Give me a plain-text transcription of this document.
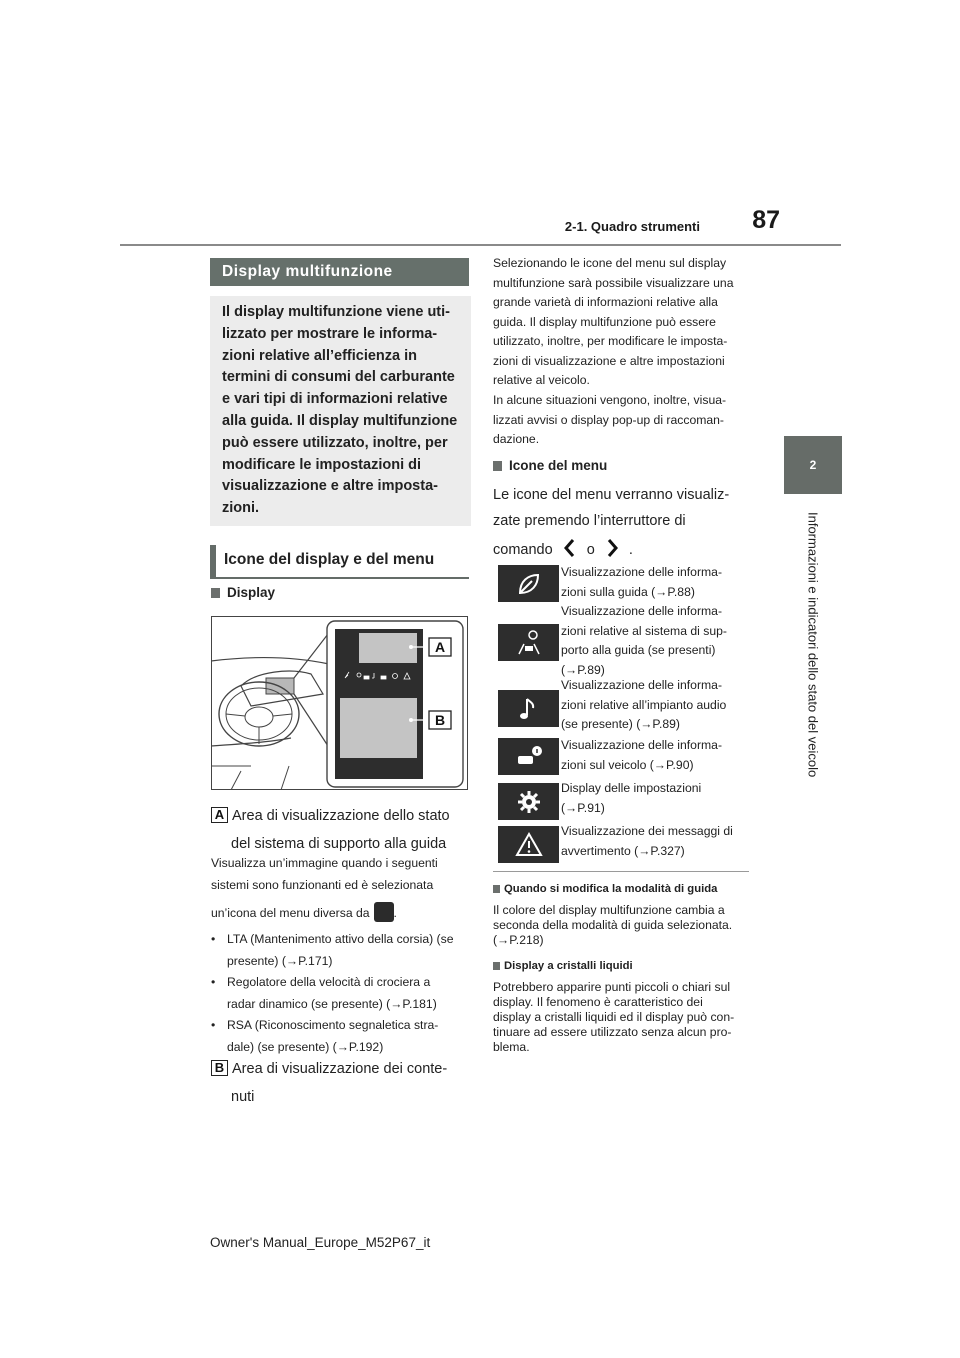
87
2-1. Quadro strumenti
2
Informazioni e indicatori dello stato del veicolo
Display multifunzione
Il display multifunzione viene uti-
lizzato per mostrare le informa-
zioni relative all’efficienza in
termini di consumi del carburante
e vari tipi di informazioni relative
alla guida. Il display multifunzione
può essere utilizzato, inoltre, per
modificare le impostazioni di
visualizzazione e altre imposta-
zioni.
Icone del display e del menu
Display
A
B
A Area di visualizzazione dello stato
del sistema di supporto alla guida
Visualizza un’immagine quando i seguenti
sistemi sono funzionanti ed è selezionata
un’icona del menu diversa da .
• LTA (Mantenimento attivo della corsia) (se
presente) (→P.171)
• Regolatore della velocità di crociera a
radar dinamico (se presente) (→P.181)
• RSA (Riconoscimento segnaletica stra-
dale) (se presente) (→P.192)
B Area di visualizzazione dei conte-
nuti
Selezionando le icone del menu sul display
multifunzione sarà possibile visualizzare una
grande varietà di informazioni relative alla
guida. Il display multifunzione può essere
utilizzato, inoltre, per modificare le imposta-
zioni di visualizzazione e altre impostazioni
relative al veicolo.
In alcune situazioni vengono, inoltre, visua-
lizzati avvisi o display pop-up di raccoman-
dazione.
Icone del menu
Le icone del menu verranno visualiz-
zate premendo l’interruttore di
comando o .
Visualizzazione delle informa-
zioni sulla guida (→P.88)
Visualizzazione delle informa-
zioni relative al sistema di sup-
porto alla guida (se presenti)
(→P.89)
Visualizzazione delle informa-
zioni relative all’impianto audio
(se presente) (→P.89)
Visualizzazione delle informa-
zioni sul veicolo (→P.90)
Display delle impostazioni
(→P.91)
Visualizzazione dei messaggi di
avvertimento (→P.327)
Quando si modifica la modalità di guida
Il colore del display multifunzione cambia a
seconda della modalità di guida selezionata.
(→P.218)
Display a cristalli liquidi
Potrebbero apparire punti piccoli o chiari sul
display. Il fenomeno è caratteristico dei
display a cristalli liquidi ed il display può con-
tinuare ad essere utilizzato senza alcun pro-
blema.
Owner's Manual_Europe_M52P67_it
